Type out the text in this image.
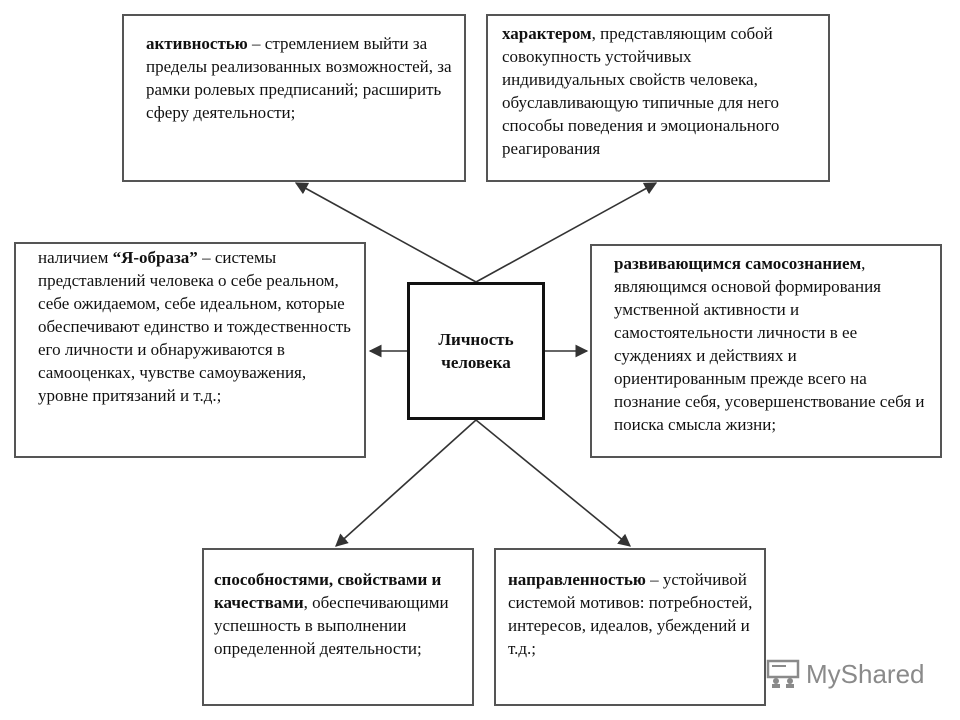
активностью – стремлением выйти за пределы реализованных возможностей, за рамки ролевых предписаний; расширить сферу деятельности;

характером, представляющим собой совокупность устойчивых индивидуальных свойств человека, обуславливающую типичные для него способы поведения и эмоционального реагирования

наличием “Я-образа” – системы представлений человека о себе реальном, себе ожидаемом, себе идеальном, которые обеспечивают единство и тождественность его личности и обнаруживаются в самооценках, чувстве самоуважения, уровне притязаний и т.д.;

развивающимся самосознанием, являющимся основой формирования умственной активности и самостоятельности личности в ее суждениях и действиях и ориентированным прежде всего на познание себя, усовершенствование себя и поиска смысла жизни;

способностями, свойствами и качествами, обеспечивающими успешность в выполнении определенной деятельности;

направленностью – устойчивой системой мотивов: потребностей, интересов, идеалов, убеждений и т.д.;

Личность
человека
MyShared
